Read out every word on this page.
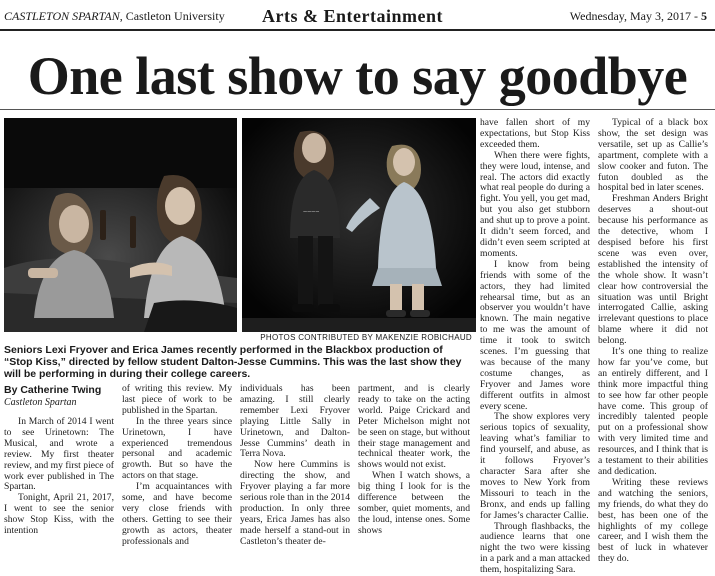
CASTLETON SPARTAN, Castleton University Arts & Entertainment	Wednesday, May 3, 2017 - 5
One last show to say goodbye
~~~~
PHOTOS CONTRIBUTED BY MAKENZIE ROBICHAUD
Seniors Lexi Fryover and Erica James recently performed in the Blackbox production of “Stop Kiss,” directed by fellow student Dalton-Jesse Cummins. This was the last show they will be performing in during their college careers.
By Catherine Twing
Castleton Spartan

In March of 2014 I went to see Urinetown: The Musical, and wrote a review. My first theater review, and my first piece of work ever published in The Spartan.

Tonight, April 21, 2017, I went to see the senior show Stop Kiss, with the intention

of writing this review. My last piece of work to be published in the Spartan.

In the three years since Urinetown, I have experienced tremendous personal and academic growth. But so have the actors on that stage.

I’m acquaintances with some, and have become very close friends with others. Getting to see their growth as actors, theater professionals and

individuals has been amazing. I still clearly remember Lexi Fryover playing Little Sally in Urinetown, and Dalton-Jesse Cummins’ death in Terra Nova.

Now here Cummins is directing the show, and Fryover playing a far more serious role than in the 2014 production. In only three years, Erica James has also made herself a stand-out in Castleton’s theater de-

partment, and is clearly ready to take on the acting world. Paige Crickard and Peter Michelson might not be seen on stage, but without their stage management and technical theater work, the shows would not exist.

When I watch shows, a big thing I look for is the difference between the somber, quiet moments, and the loud, intense ones. Some shows

have fallen short of my expectations, but Stop Kiss exceeded them.

When there were fights, they were loud, intense, and real. The actors did exactly what real people do during a fight. You yell, you get mad, but you also get stubborn and shut up to prove a point. It didn’t seem forced, and didn’t even seem scripted at moments.

I know from being friends with some of the actors, they had limited rehearsal time, but as an observer you wouldn’t have known. The main negative to me was the amount of time it took to switch scenes. I’m guessing that was because of the many costume changes, as Fryover and James wore different outfits in almost every scene.

The show explores very serious topics of sexuality, leaving what’s familiar to find yourself, and abuse, as it follows Fryover’s character Sara after she moves to New York from Missouri to teach in the Bronx, and ends up falling for James’s character Callie.

Through flashbacks, the audience learns that one night the two were kissing in a park and a man attacked them, hospitalizing Sara.

Typical of a black box show, the set design was versatile, set up as Callie’s apartment, complete with a slow cooker and futon. The futon doubled as the hospital bed in later scenes.

Freshman Anders Bright deserves a shout-out because his performance as the detective, whom I despised before his first scene was even over, established the intensity of the whole show. It wasn’t clear how controversial the situation was until Bright interrogated Callie, asking irrelevant questions to place blame where it did not belong.

It’s one thing to realize how far you’ve come, but an entirely different, and I think more impactful thing to see how far other people have come. This group of incredibly talented people put on a professional show with very limited time and resources, and I think that is a testament to their abilities and dedication.

Writing these reviews and watching the seniors, my friends, do what they do best, has been one of the highlights of my college career, and I wish them the best of luck in whatever they do.
